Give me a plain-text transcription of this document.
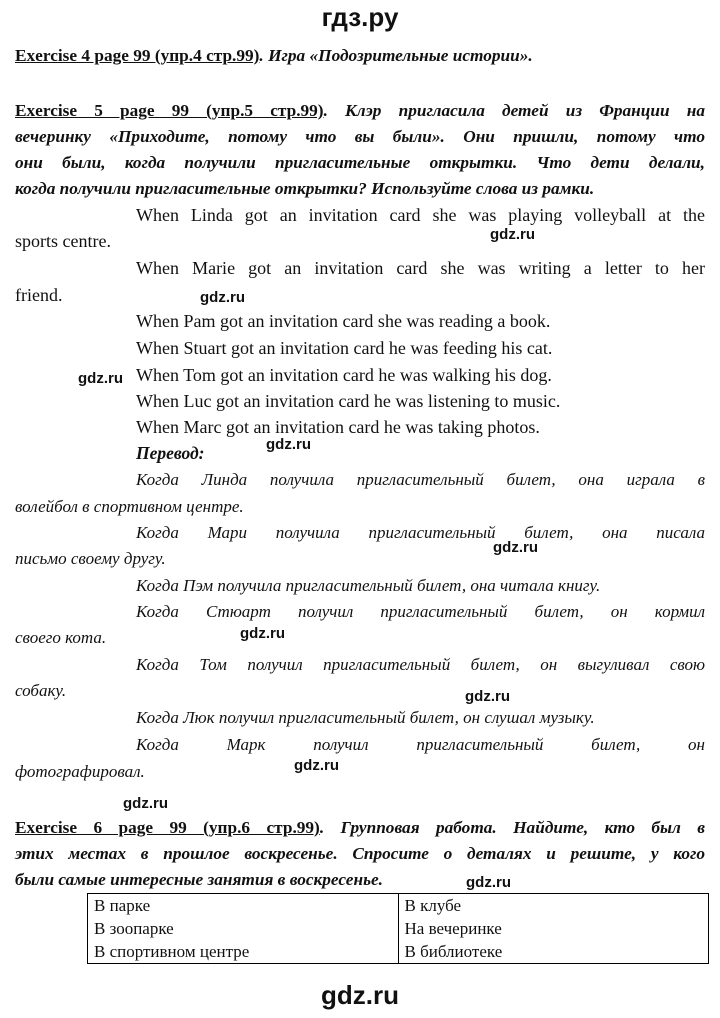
гдз.ру
Exercise 4 page 99 (упр.4 стр.99). Игра «Подозрительные истории».
Exercise 5 page 99 (упр.5 стр.99). Клэр пригласила детей из Франции на
вечеринку «Приходите, потому что вы были». Они пришли, потому что
они были, когда получили пригласительные открытки. Что дети делали,
когда получили пригласительные открытки? Используйте слова из рамки.
When Linda got an invitation card she was playing volleyball at the
sports centre.
When Marie got an invitation card she was writing a letter to her
friend.
When Pam got an invitation card she was reading a book.
When Stuart got an invitation card he was feeding his cat.
When Tom got an invitation card he was walking his dog.
When Luc got an invitation card he was listening to music.
When Marc got an invitation card he was taking photos.
Перевод:
Когда Линда получила пригласительный билет, она играла в
волейбол в спортивном центре.
Когда Мари получила пригласительный билет, она писала
письмо своему другу.
Когда Пэм получила пригласительный билет, она читала книгу.
Когда Стюарт получил пригласительный билет, он кормил
своего кота.
Когда Том получил пригласительный билет, он выгуливал свою
собаку.
Когда Люк получил пригласительный билет, он слушал музыку.
Когда Марк получил пригласительный билет, он
фотографировал.
Exercise 6 page 99 (упр.6 стр.99). Групповая работа. Найдите, кто был в
этих местах в прошлое воскресенье. Спросите о деталях и решите, у кого
были самые интересные занятия в воскресенье.
В парке	В клубе
В зоопарке	На вечеринке
В спортивном центре	В библиотеке
gdz.ru
gdz.ru
gdz.ru
gdz.ru
gdz.ru
gdz.ru
gdz.ru
gdz.ru
gdz.ru
gdz.ru
gdz.ru
